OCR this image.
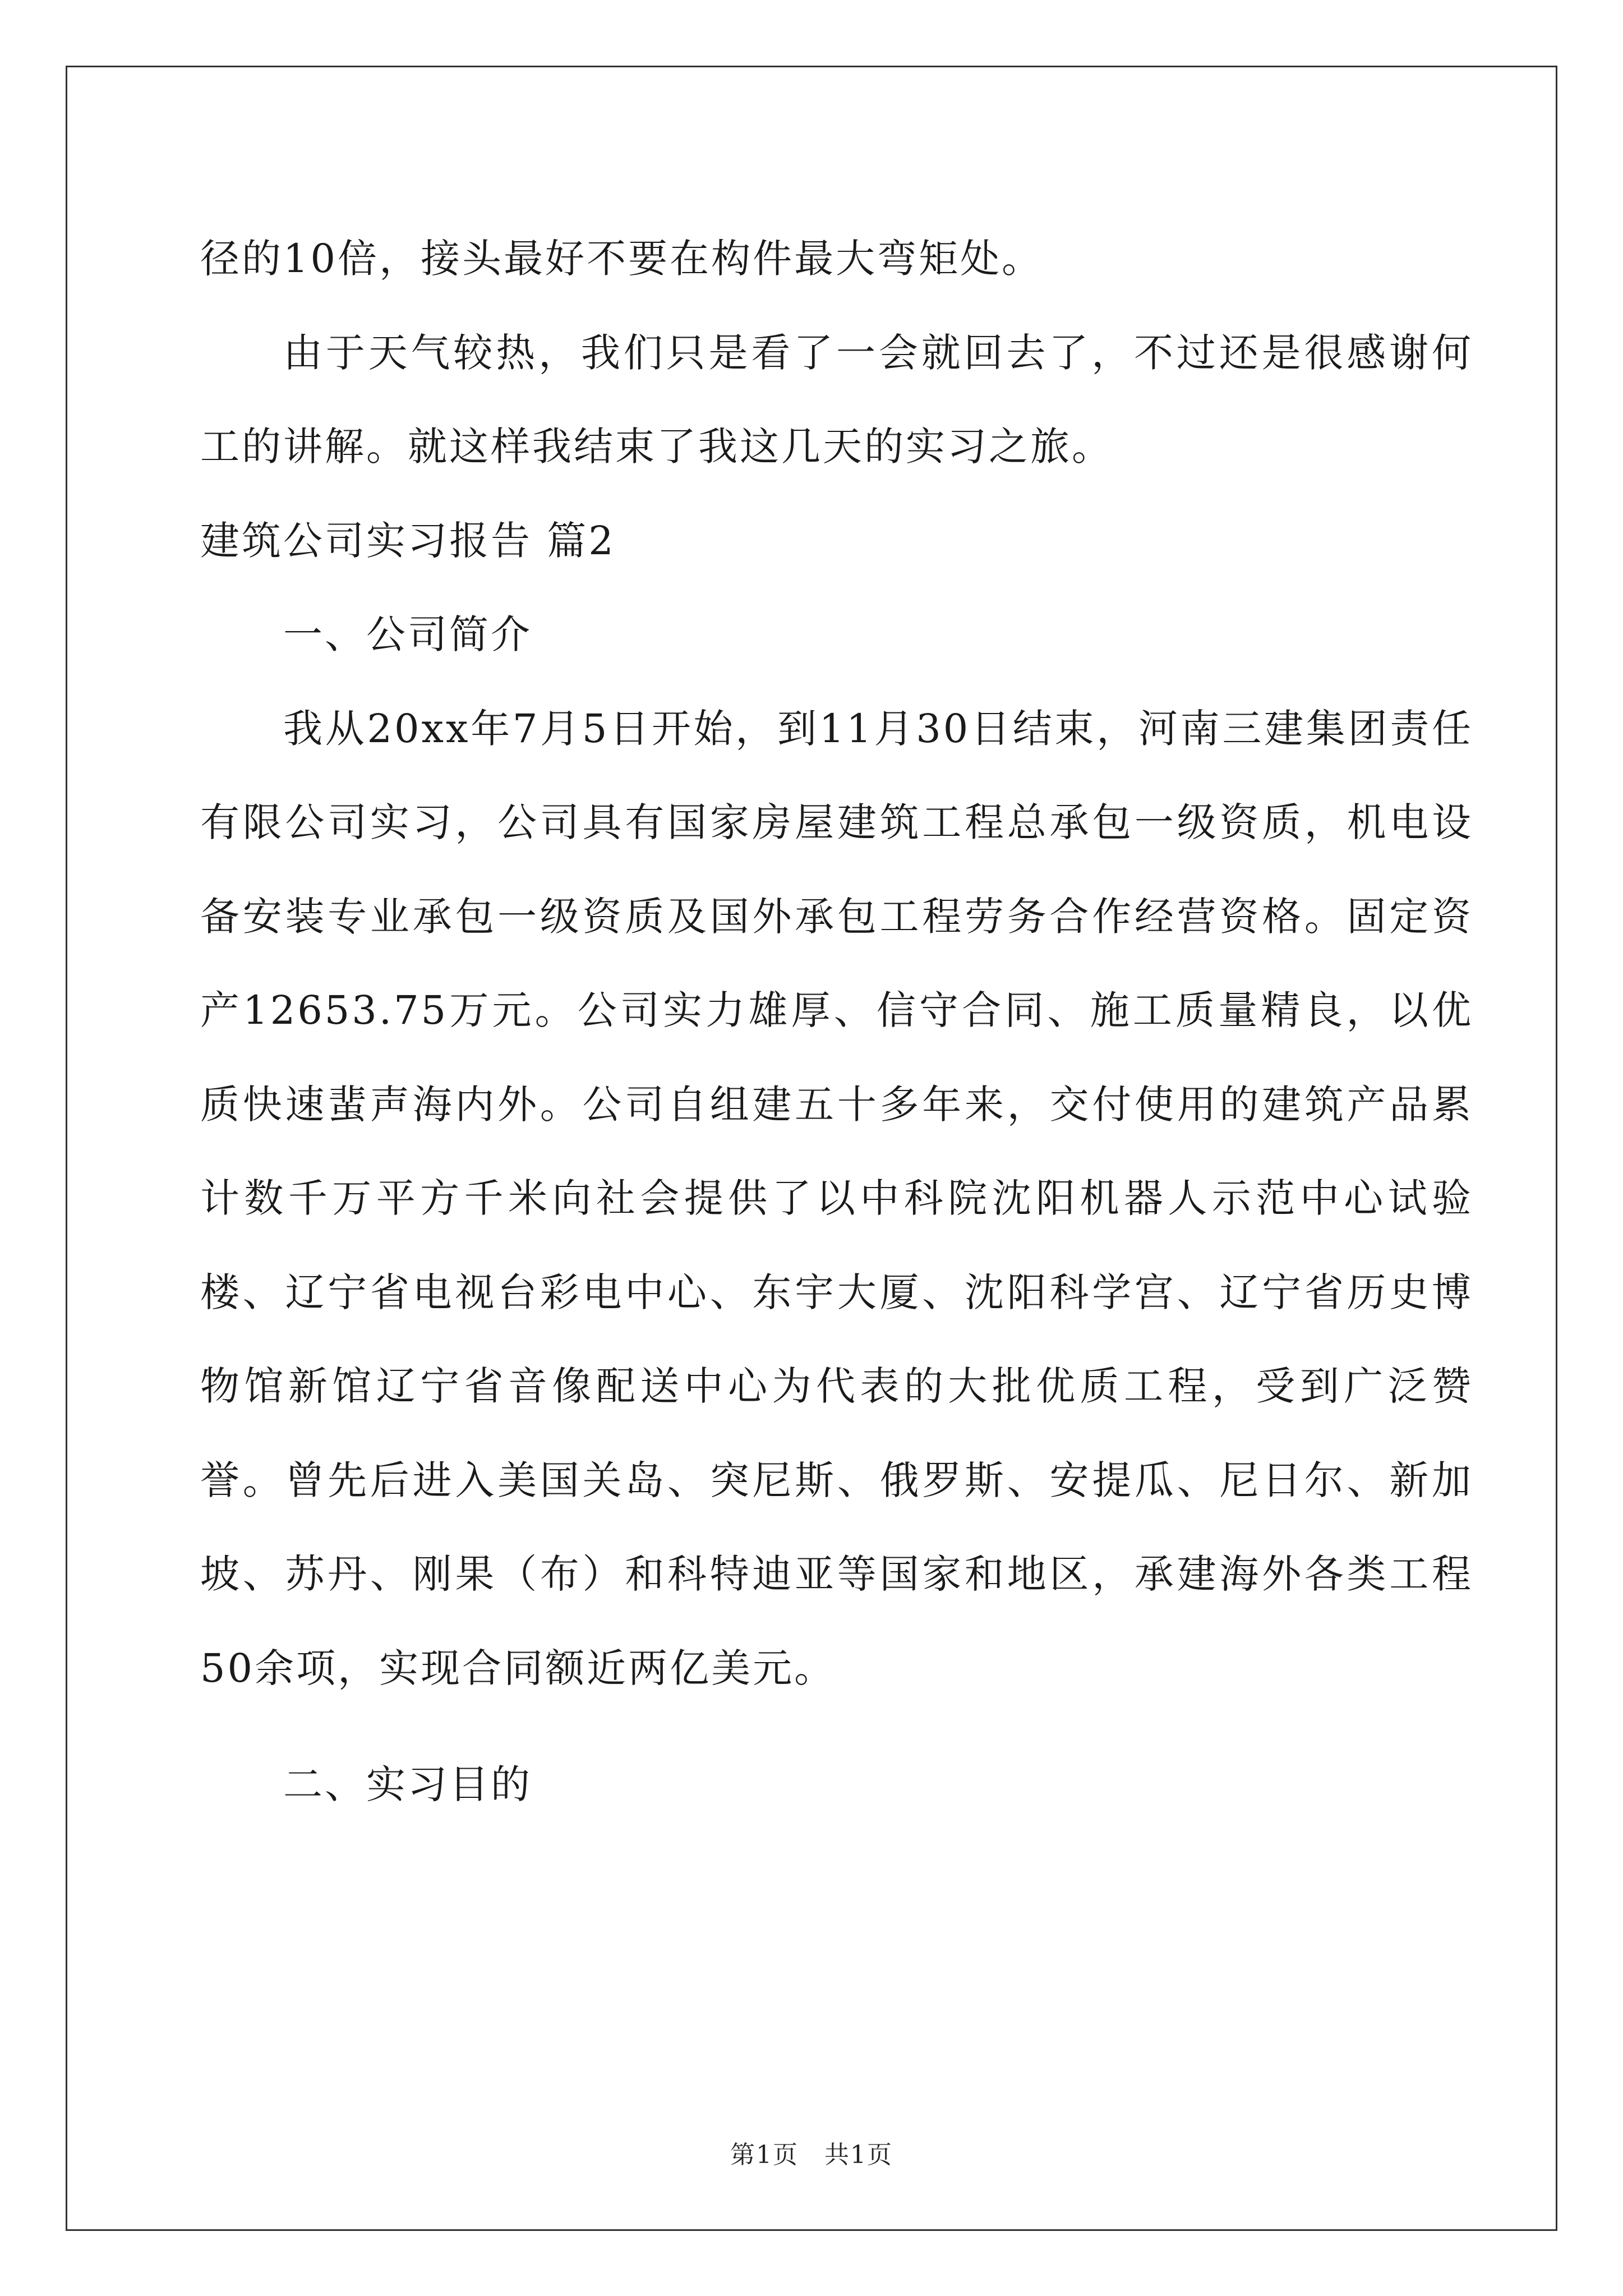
径的10倍，接头最好不要在构件最大弯矩处。

由于天气较热，我们只是看了一会就回去了，不过还是很感谢何工的讲解。就这样我结束了我这几天的实习之旅。

建筑公司实习报告 篇2

一、公司简介

我从20xx年7月5日开始，到11月30日结束，河南三建集团责任有限公司实习，公司具有国家房屋建筑工程总承包一级资质，机电设备安装专业承包一级资质及国外承包工程劳务合作经营资格。固定资产12653.75万元。公司实力雄厚、信守合同、施工质量精良，以优质快速蜚声海内外。公司自组建五十多年来，交付使用的建筑产品累计数千万平方千米向社会提供了以中科院沈阳机器人示范中心试验楼、辽宁省电视台彩电中心、东宇大厦、沈阳科学宫、辽宁省历史博物馆新馆辽宁省音像配送中心为代表的大批优质工程，受到广泛赞誉。曾先后进入美国关岛、突尼斯、俄罗斯、安提瓜、尼日尔、新加坡、苏丹、刚果（布）和科特迪亚等国家和地区，承建海外各类工程50余项，实现合同额近两亿美元。

二、实习目的

第1页　共1页
